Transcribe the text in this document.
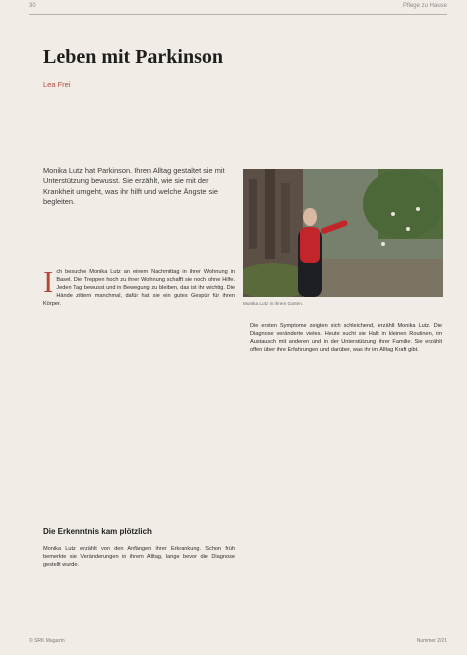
30	Pflege zu Hause
Leben mit Parkinson
Lea Frei

Monika Lutz hat Parkinson. Ihren Alltag gestaltet sie mit Unterstützung bewusst. Sie erzählt, wie sie mit der Krankheit umgeht, was ihr hilft und welche Ängste sie begleiten.

Monika Lutz in ihrem Garten.

Ich besuche Monika Lutz an einem Nachmittag in ihrer Wohnung in Basel. Die Treppen hoch zu ihrer Wohnung schafft sie noch ohne Hilfe. Jeden Tag bewusst und in Bewegung zu bleiben, das ist ihr wichtig. Die Hände zittern manchmal, dafür hat sie ein gutes Gespür für ihren Körper.

Die Erkenntnis kam plötzlich

Monika Lutz erzählt von den Anfängen ihrer Erkrankung. Schon früh bemerkte sie Veränderungen in ihrem Alltag, lange bevor die Diagnose gestellt wurde.

Die ersten Symptome zeigten sich schleichend, erzählt Monika Lutz. Die Diagnose veränderte vieles. Heute sucht sie Halt in kleinen Routinen, im Austausch mit anderen und in der Unterstützung ihrer Familie. Sie erzählt offen über ihre Erfahrungen und darüber, was ihr im Alltag Kraft gibt.

© SRK Magazin	Nummer 2/21
